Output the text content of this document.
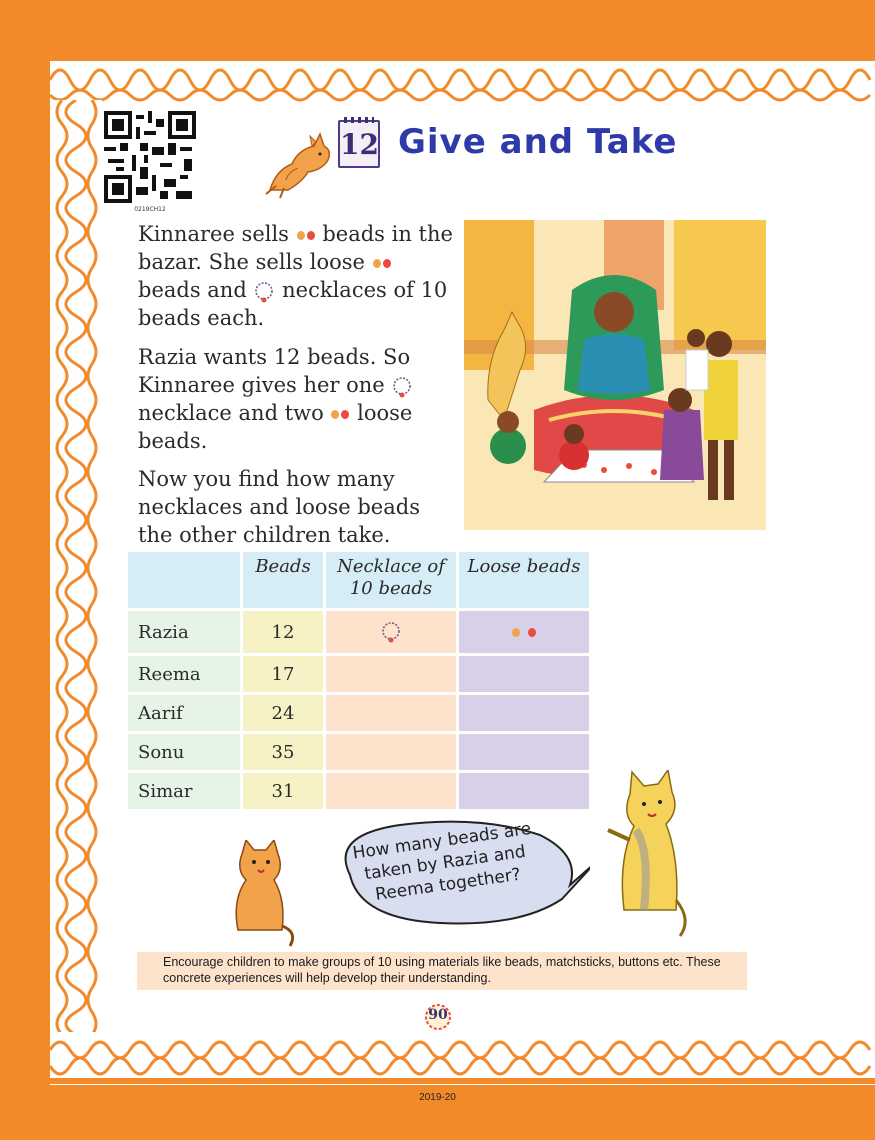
0219CH12
12 Give and Take
Kinnaree sells beads in the bazar. She sells loose  beads and necklaces of 10 beads each.
Razia wants 12 beads. So Kinnaree gives her one  necklace and two loose beads.
Now you find how many necklaces and loose beads the other children take.
	Beads	Necklace of 10 beads	Loose beads
Razia	12		
Reema	17		
Aarif	24		
Sonu	35		
Simar	31		
How many beads are taken by Razia and Reema together?
Encourage children to make groups of 10 using materials like beads, matchsticks, buttons etc. These concrete experiences will help develop their understanding.
90
2019-20
